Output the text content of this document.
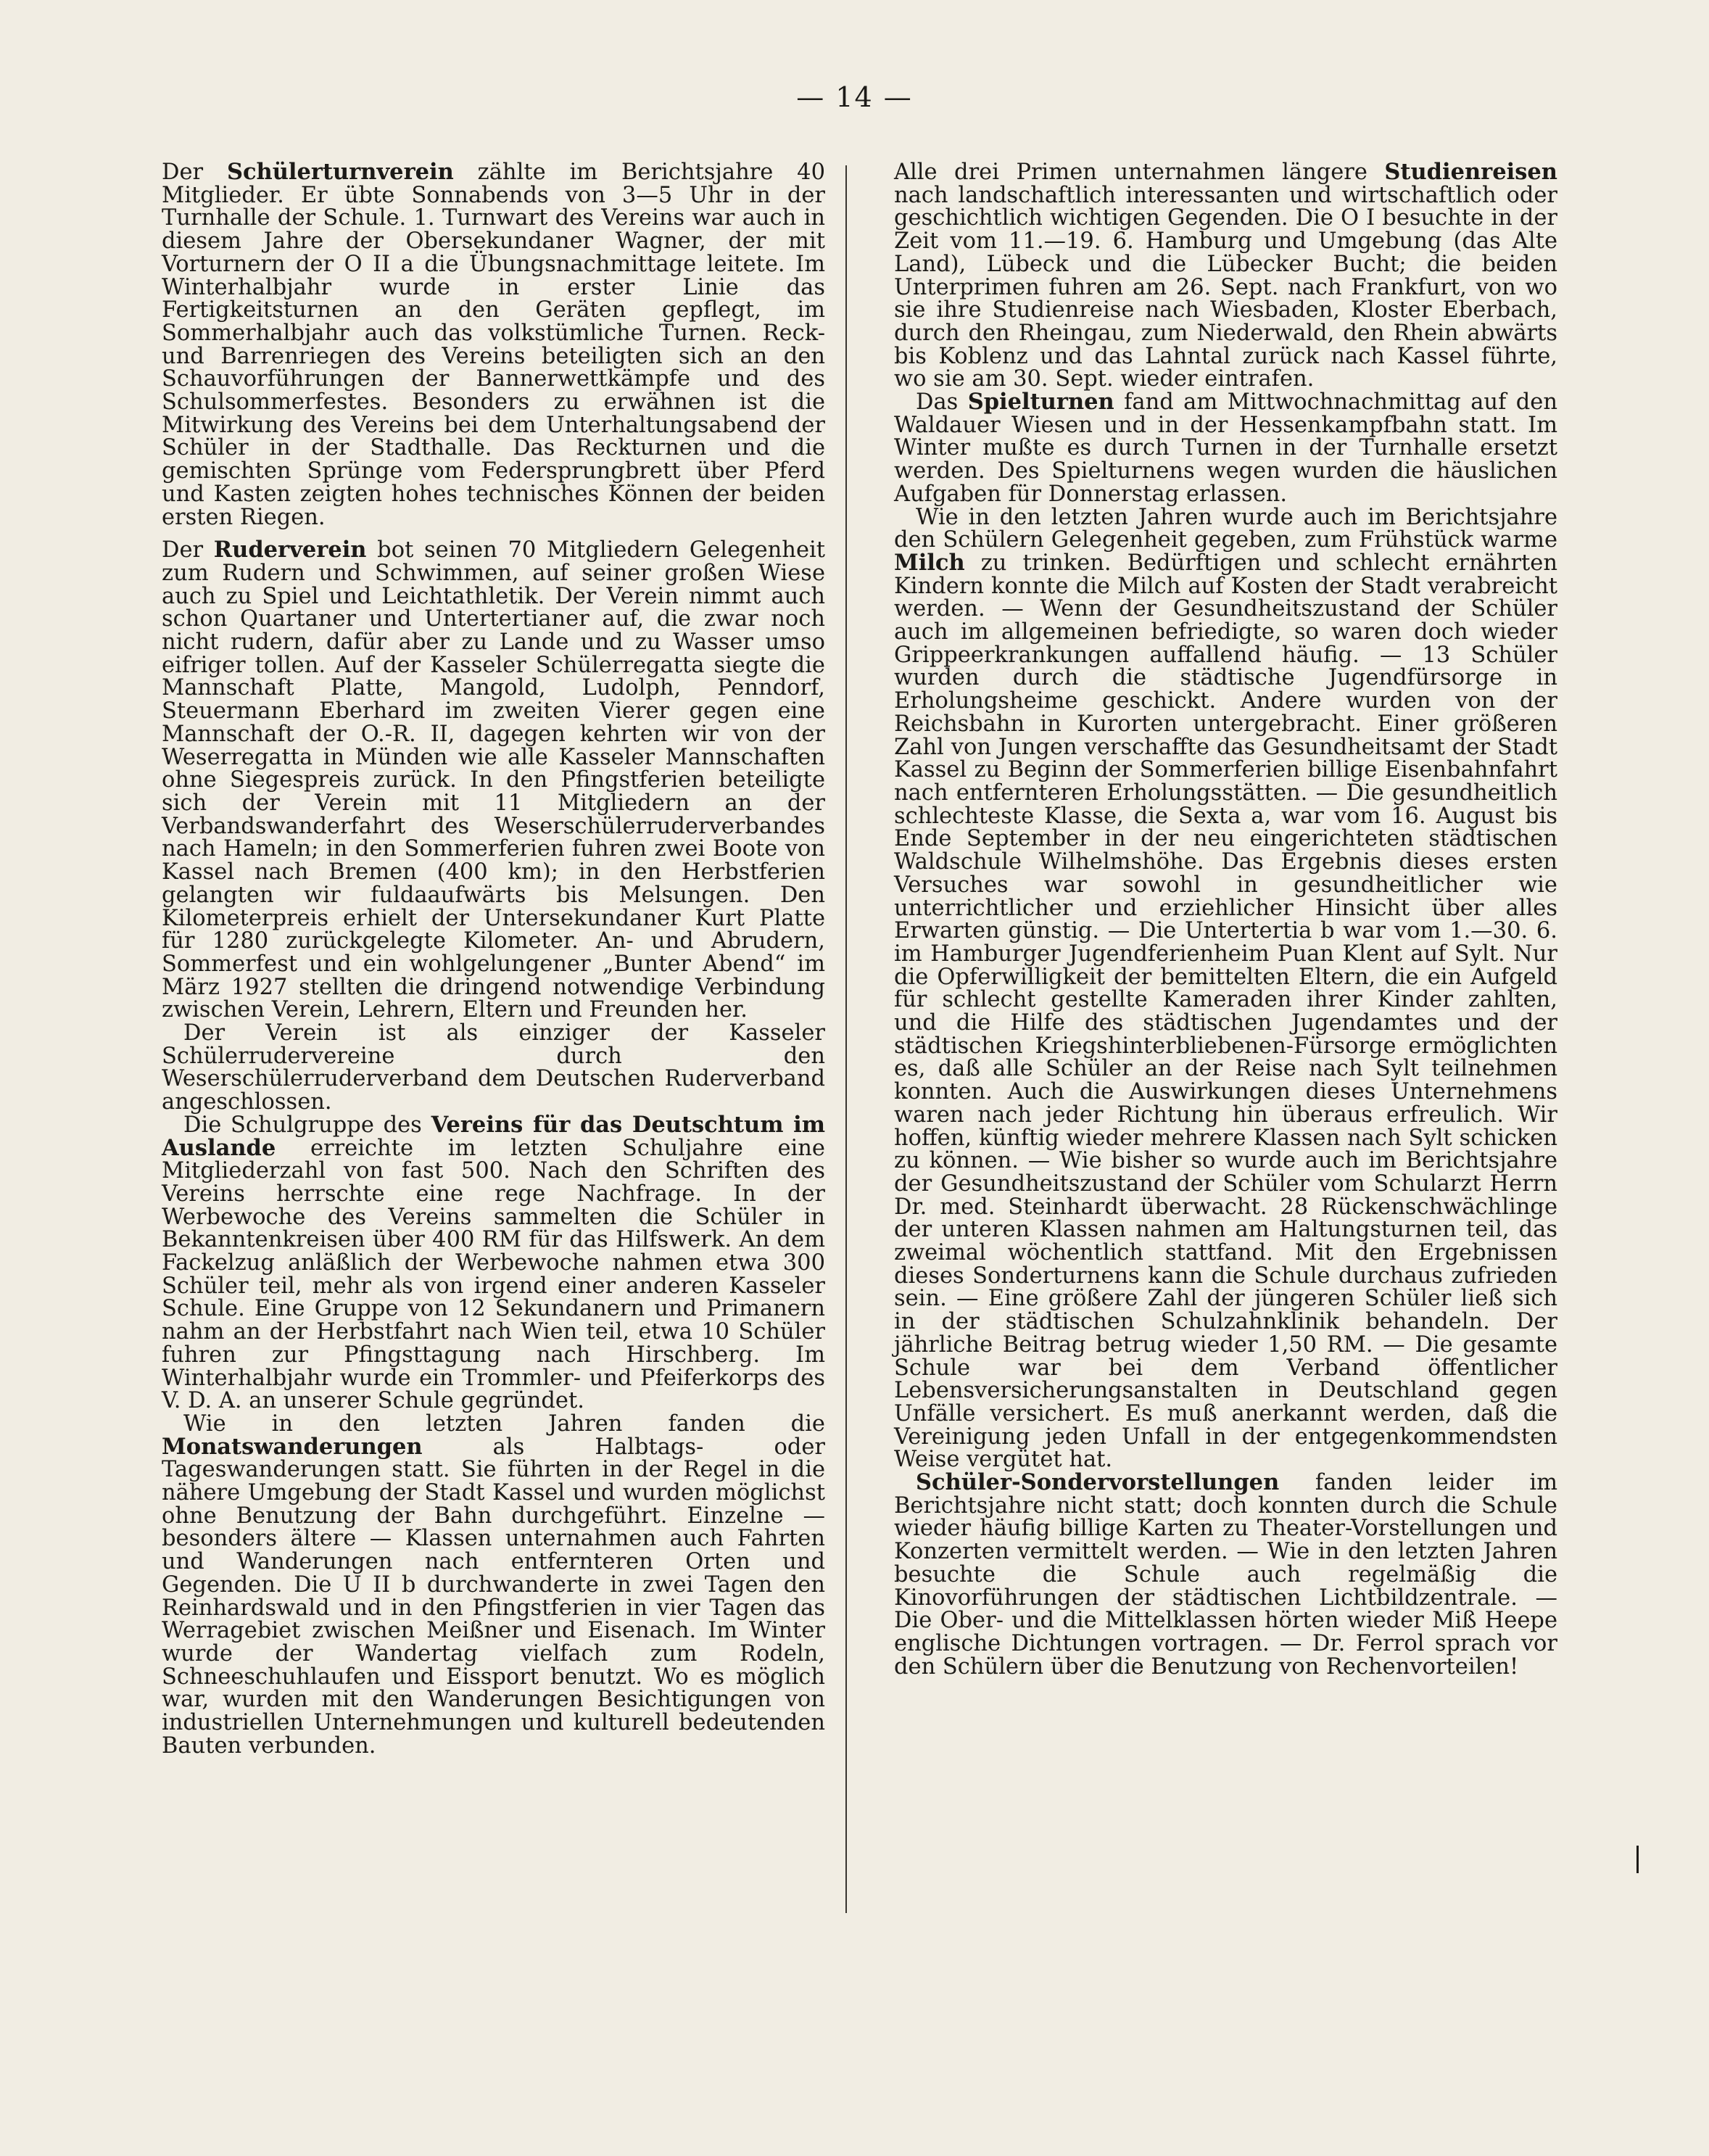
— 14 —

Der Schülerturnverein zählte im Berichtsjahre 40 Mitglieder. Er übte Sonnabends von 3—5 Uhr in der Turnhalle der Schule. 1. Turnwart des Vereins war auch in diesem Jahre der Obersekundaner Wagner, der mit Vorturnern der O II a die Übungsnachmittage leitete. Im Winterhalbjahr wurde in erster Linie das Fertigkeitsturnen an den Geräten gepflegt, im Sommerhalbjahr auch das volkstümliche Turnen. Reck- und Barrenriegen des Vereins beteiligten sich an den Schauvorführungen der Bannerwettkämpfe und des Schulsommerfestes. Besonders zu erwähnen ist die Mitwirkung des Vereins bei dem Unterhaltungsabend der Schüler in der Stadthalle. Das Reckturnen und die gemischten Sprünge vom Federsprungbrett über Pferd und Kasten zeigten hohes technisches Können der beiden ersten Riegen.

Der Ruderverein bot seinen 70 Mitgliedern Gelegenheit zum Rudern und Schwimmen, auf seiner großen Wiese auch zu Spiel und Leichtathletik. Der Verein nimmt auch schon Quartaner und Untertertianer auf, die zwar noch nicht rudern, dafür aber zu Lande und zu Wasser umso eifriger tollen. Auf der Kasseler Schülerregatta siegte die Mannschaft Platte, Mangold, Ludolph, Penndorf, Steuermann Eberhard im zweiten Vierer gegen eine Mannschaft der O.-R. II, dagegen kehrten wir von der Weserregatta in Münden wie alle Kasseler Mannschaften ohne Siegespreis zurück. In den Pfingstferien beteiligte sich der Verein mit 11 Mitgliedern an der Verbandswanderfahrt des Weserschülerruderverbandes nach Hameln; in den Sommerferien fuhren zwei Boote von Kassel nach Bremen (400 km); in den Herbstferien gelangten wir fuldaaufwärts bis Melsungen. Den Kilometerpreis erhielt der Untersekundaner Kurt Platte für 1280 zurückgelegte Kilometer. An- und Abrudern, Sommerfest und ein wohlgelungener „Bunter Abend“ im März 1927 stellten die dringend notwendige Verbindung zwischen Verein, Lehrern, Eltern und Freunden her.

Der Verein ist als einziger der Kasseler Schülerrudervereine durch den Weserschülerruderverband dem Deutschen Ruderverband angeschlossen.

Die Schulgruppe des Vereins für das Deutschtum im Auslande erreichte im letzten Schuljahre eine Mitgliederzahl von fast 500. Nach den Schriften des Vereins herrschte eine rege Nachfrage. In der Werbewoche des Vereins sammelten die Schüler in Bekanntenkreisen über 400 RM für das Hilfswerk. An dem Fackelzug anläßlich der Werbewoche nahmen etwa 300 Schüler teil, mehr als von irgend einer anderen Kasseler Schule. Eine Gruppe von 12 Sekundanern und Primanern nahm an der Herbstfahrt nach Wien teil, etwa 10 Schüler fuhren zur Pfingsttagung nach Hirschberg. Im Winterhalbjahr wurde ein Trommler- und Pfeiferkorps des V. D. A. an unserer Schule gegründet.

Wie in den letzten Jahren fanden die Monatswanderungen als Halbtags- oder Tageswanderungen statt. Sie führten in der Regel in die nähere Umgebung der Stadt Kassel und wurden möglichst ohne Benutzung der Bahn durchgeführt. Einzelne — besonders ältere — Klassen unternahmen auch Fahrten und Wanderungen nach entfernteren Orten und Gegenden. Die U II b durchwanderte in zwei Tagen den Reinhardswald und in den Pfingstferien in vier Tagen das Werragebiet zwischen Meißner und Eisenach. Im Winter wurde der Wandertag vielfach zum Rodeln, Schneeschuhlaufen und Eissport benutzt. Wo es möglich war, wurden mit den Wanderungen Besichtigungen von industriellen Unternehmungen und kulturell bedeutenden Bauten verbunden.

Alle drei Primen unternahmen längere Studienreisen nach landschaftlich interessanten und wirtschaftlich oder geschichtlich wichtigen Gegenden. Die O I besuchte in der Zeit vom 11.—19. 6. Hamburg und Umgebung (das Alte Land), Lübeck und die Lübecker Bucht; die beiden Unterprimen fuhren am 26. Sept. nach Frankfurt, von wo sie ihre Studienreise nach Wiesbaden, Kloster Eberbach, durch den Rheingau, zum Niederwald, den Rhein abwärts bis Koblenz und das Lahntal zurück nach Kassel führte, wo sie am 30. Sept. wieder eintrafen.

Das Spielturnen fand am Mittwochnachmittag auf den Waldauer Wiesen und in der Hessenkampfbahn statt. Im Winter mußte es durch Turnen in der Turnhalle ersetzt werden. Des Spielturnens wegen wurden die häuslichen Aufgaben für Donnerstag erlassen.

Wie in den letzten Jahren wurde auch im Berichtsjahre den Schülern Gelegenheit gegeben, zum Frühstück warme Milch zu trinken. Bedürftigen und schlecht ernährten Kindern konnte die Milch auf Kosten der Stadt verabreicht werden. — Wenn der Gesundheitszustand der Schüler auch im allgemeinen befriedigte, so waren doch wieder Grippeerkrankungen auffallend häufig. — 13 Schüler wurden durch die städtische Jugendfürsorge in Erholungsheime geschickt. Andere wurden von der Reichsbahn in Kurorten untergebracht. Einer größeren Zahl von Jungen verschaffte das Gesundheitsamt der Stadt Kassel zu Beginn der Sommerferien billige Eisenbahnfahrt nach entfernteren Erholungsstätten. — Die gesundheitlich schlechteste Klasse, die Sexta a, war vom 16. August bis Ende September in der neu eingerichteten städtischen Waldschule Wilhelmshöhe. Das Ergebnis dieses ersten Versuches war sowohl in gesundheitlicher wie unterrichtlicher und erziehlicher Hinsicht über alles Erwarten günstig. — Die Untertertia b war vom 1.—30. 6. im Hamburger Jugendferienheim Puan Klent auf Sylt. Nur die Opferwilligkeit der bemittelten Eltern, die ein Aufgeld für schlecht gestellte Kameraden ihrer Kinder zahlten, und die Hilfe des städtischen Jugendamtes und der städtischen Kriegshinterbliebenen-Fürsorge ermöglichten es, daß alle Schüler an der Reise nach Sylt teilnehmen konnten. Auch die Auswirkungen dieses Unternehmens waren nach jeder Richtung hin überaus erfreulich. Wir hoffen, künftig wieder mehrere Klassen nach Sylt schicken zu können. — Wie bisher so wurde auch im Berichtsjahre der Gesundheitszustand der Schüler vom Schularzt Herrn Dr. med. Steinhardt überwacht. 28 Rückenschwächlinge der unteren Klassen nahmen am Haltungsturnen teil, das zweimal wöchentlich stattfand. Mit den Ergebnissen dieses Sonderturnens kann die Schule durchaus zufrieden sein. — Eine größere Zahl der jüngeren Schüler ließ sich in der städtischen Schulzahnklinik behandeln. Der jährliche Beitrag betrug wieder 1,50 RM. — Die gesamte Schule war bei dem Verband öffentlicher Lebensversicherungsanstalten in Deutschland gegen Unfälle versichert. Es muß anerkannt werden, daß die Vereinigung jeden Unfall in der entgegenkommendsten Weise vergütet hat.

Schüler-Sondervorstellungen fanden leider im Berichtsjahre nicht statt; doch konnten durch die Schule wieder häufig billige Karten zu Theater-Vorstellungen und Konzerten vermittelt werden. — Wie in den letzten Jahren besuchte die Schule auch regelmäßig die Kinovorführungen der städtischen Lichtbildzentrale. — Die Ober- und die Mittelklassen hörten wieder Miß Heepe englische Dichtungen vortragen. — Dr. Ferrol sprach vor den Schülern über die Benutzung von Rechenvorteilen!
